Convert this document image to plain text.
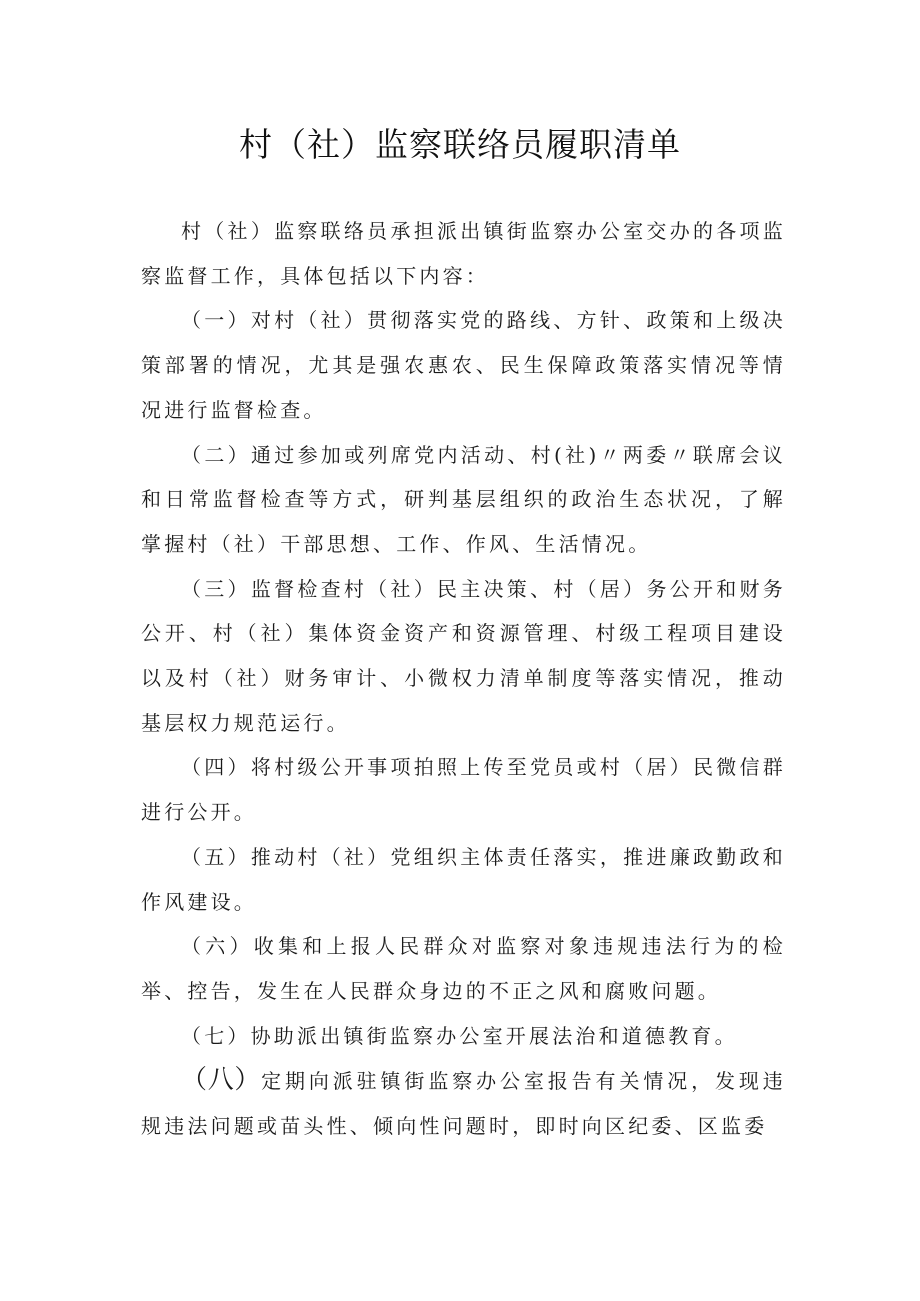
村（社）监察联络员履职清单

村（社）监察联络员承担派出镇街监察办公室交办的各项监察监督工作，具体包括以下内容：

（一）对村（社）贯彻落实党的路线、方针、政策和上级决策部署的情况，尤其是强农惠农、民生保障政策落实情况等情况进行监督检查。

（二）通过参加或列席党内活动、村(社)〃两委〃联席会议和日常监督检查等方式，研判基层组织的政治生态状况，了解掌握村（社）干部思想、工作、作风、生活情况。

（三）监督检查村（社）民主决策、村（居）务公开和财务公开、村（社）集体资金资产和资源管理、村级工程项目建设以及村（社）财务审计、小微权力清单制度等落实情况，推动基层权力规范运行。

（四）将村级公开事项拍照上传至党员或村（居）民微信群进行公开。

（五）推动村（社）党组织主体责任落实，推进廉政勤政和作风建设。

（六）收集和上报人民群众对监察对象违规违法行为的检举、控告，发生在人民群众身边的不正之风和腐败问题。

（七）协助派出镇街监察办公室开展法治和道德教育。

（八）定期向派驻镇街监察办公室报告有关情况，发现违规违法问题或苗头性、倾向性问题时，即时向区纪委、区监委
